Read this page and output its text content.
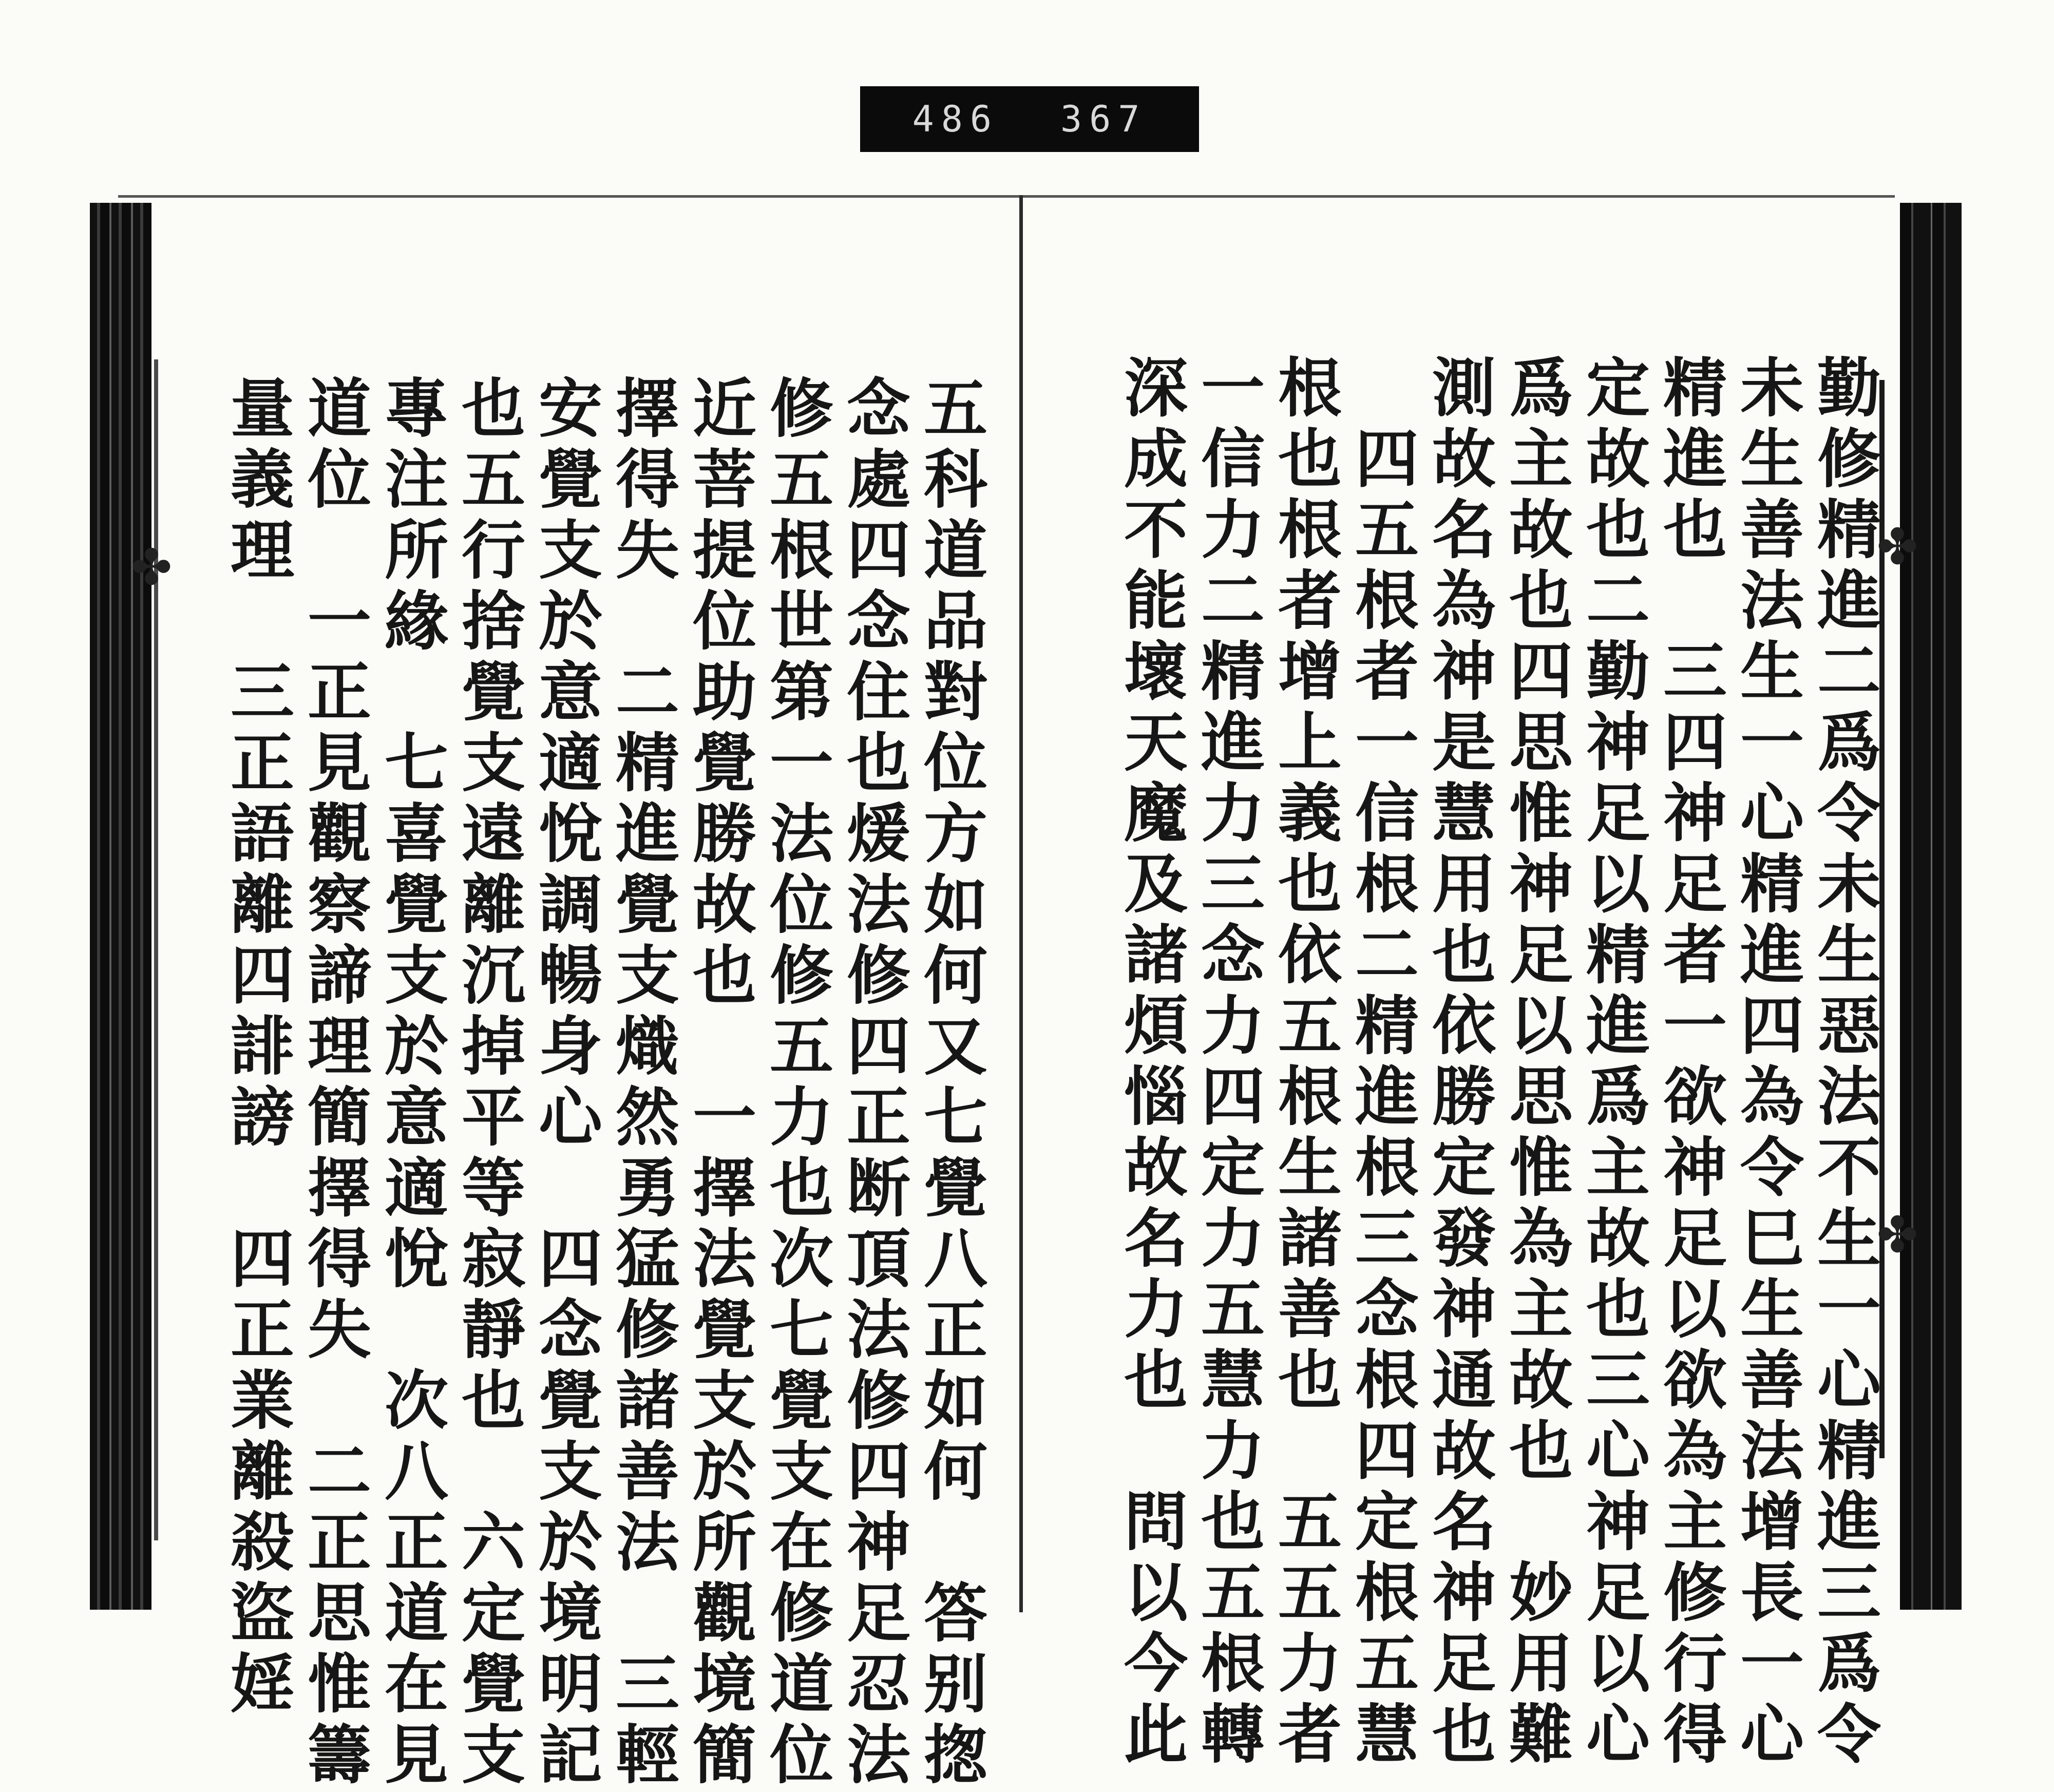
486 367
✤	✤
✤
勤修精進二爲令未生惡法不生一心精進三爲令
未生善法生一心精進四為令巳生善法增長一心
精進也　三四神足者一欲神足以欲為主修行得
定故也二勤神足以精進爲主故也三心神足以心
爲主故也四思惟神足以思惟為主故也　妙用難
測故名為神是慧用也依勝定發神通故名神足也
　四五根者一信根二精進根三念根四定根五慧
根也根者增上義也依五根生諸善也　五五力者
一信力二精進力三念力四定力五慧力也五根轉
深成不能壞天魔及諸煩惱故名力也　問以今此
五科道品對位方如何又七覺八正如何　答别揔
念處四念住也煖法修四正断頂法修四神足忍法
修五根世第一法位修五力也次七覺支在修道位
近菩提位助覺勝故也　一擇法覺支於所觀境簡
擇得失　二精進覺支熾然勇猛修諸善法　三輕
安覺支於意適悅調暢身心　四念覺支於境明記
也五行捨覺支遠離沉掉平等寂靜也　六定覺支
專注所緣　七喜覺支於意適悅　次八正道在見
道位　一正見觀察諦理簡擇得失　二正思惟籌
量義理　三正語離四誹謗　四正業離殺盜婬
